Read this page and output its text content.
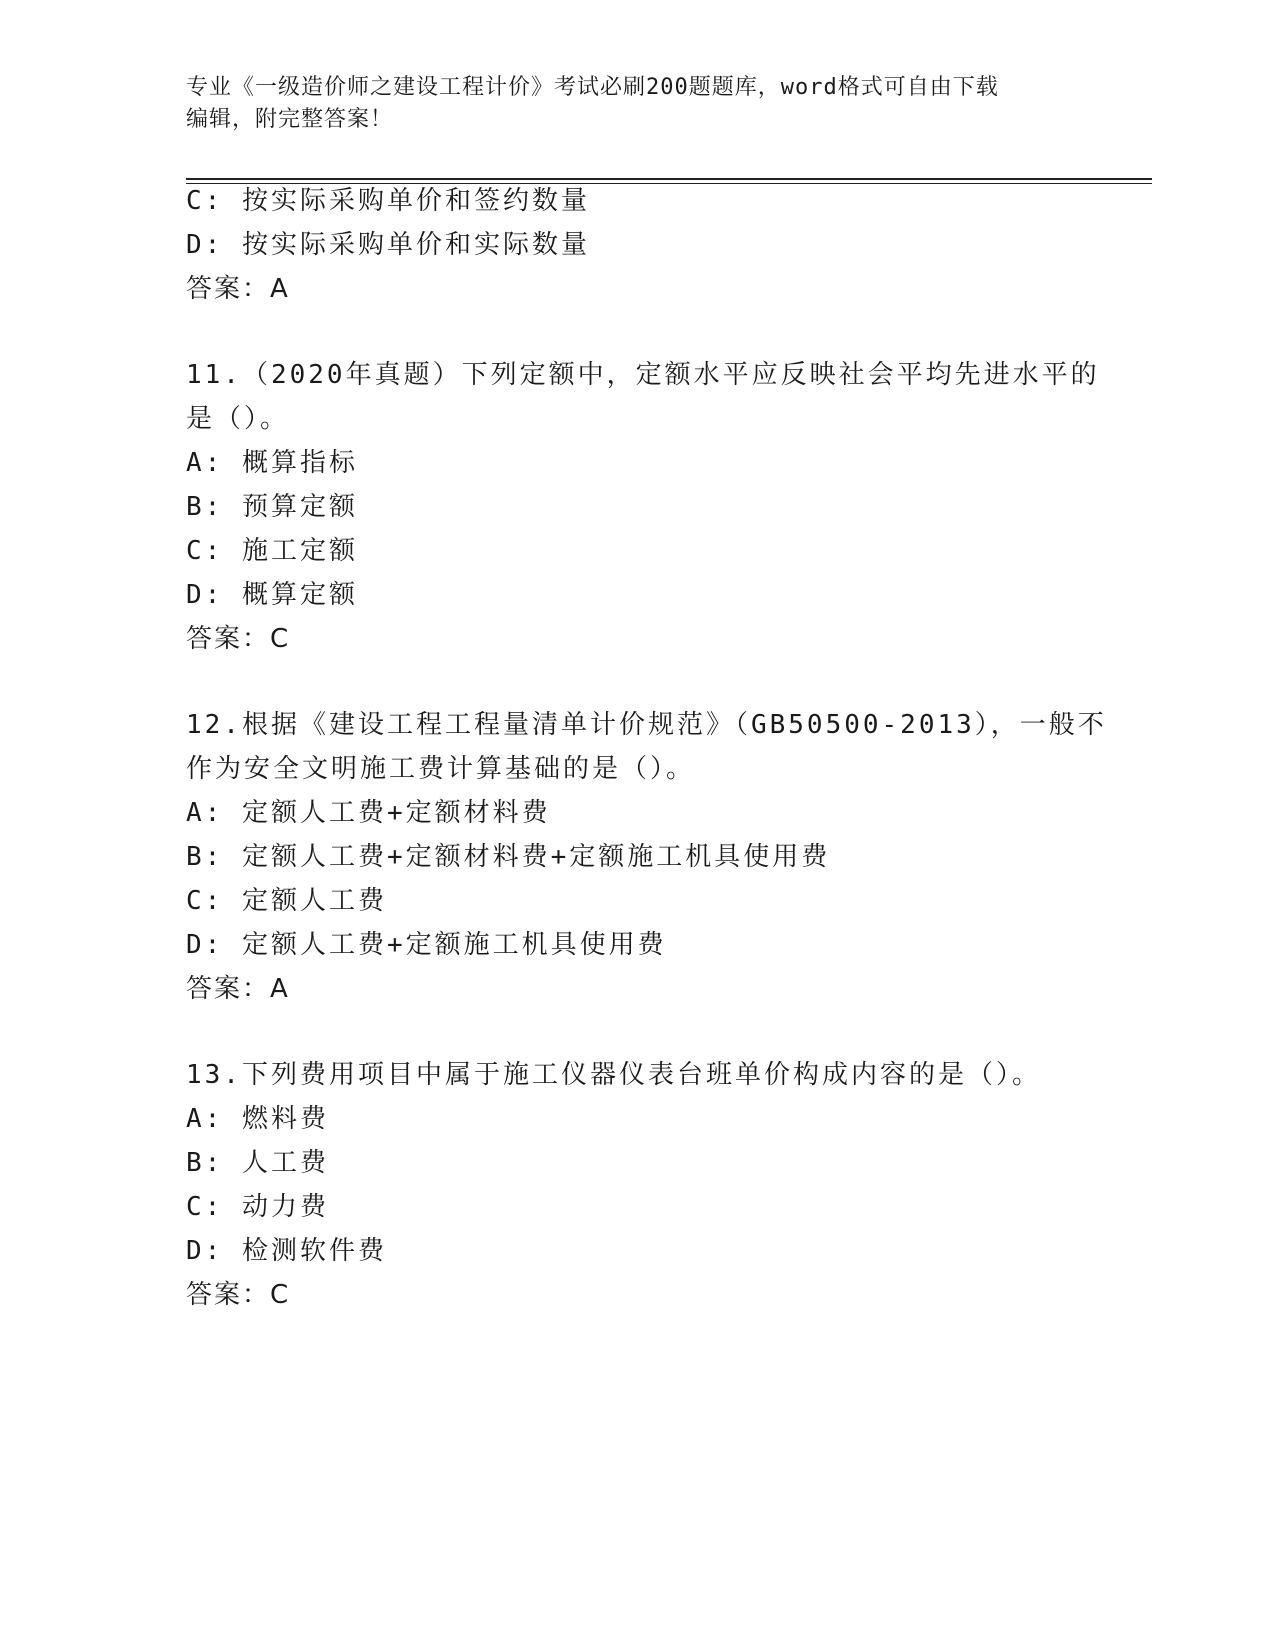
专业《一级造价师之建设工程计价》考试必刷200题题库，word格式可自由下载
编辑，附完整答案！
C: 按实际采购单价和签约数量
D: 按实际采购单价和实际数量
答案：A
11.（2020年真题）下列定额中，定额水平应反映社会平均先进水平的
是（）。
A: 概算指标
B: 预算定额
C: 施工定额
D: 概算定额
答案：C
12.根据《建设工程工程量清单计价规范》（GB50500-2013），一般不
作为安全文明施工费计算基础的是（）。
A: 定额人工费+定额材料费
B: 定额人工费+定额材料费+定额施工机具使用费
C: 定额人工费
D: 定额人工费+定额施工机具使用费
答案：A
13.下列费用项目中属于施工仪器仪表台班单价构成内容的是（）。
A: 燃料费
B: 人工费
C: 动力费
D: 检测软件费
答案：C
